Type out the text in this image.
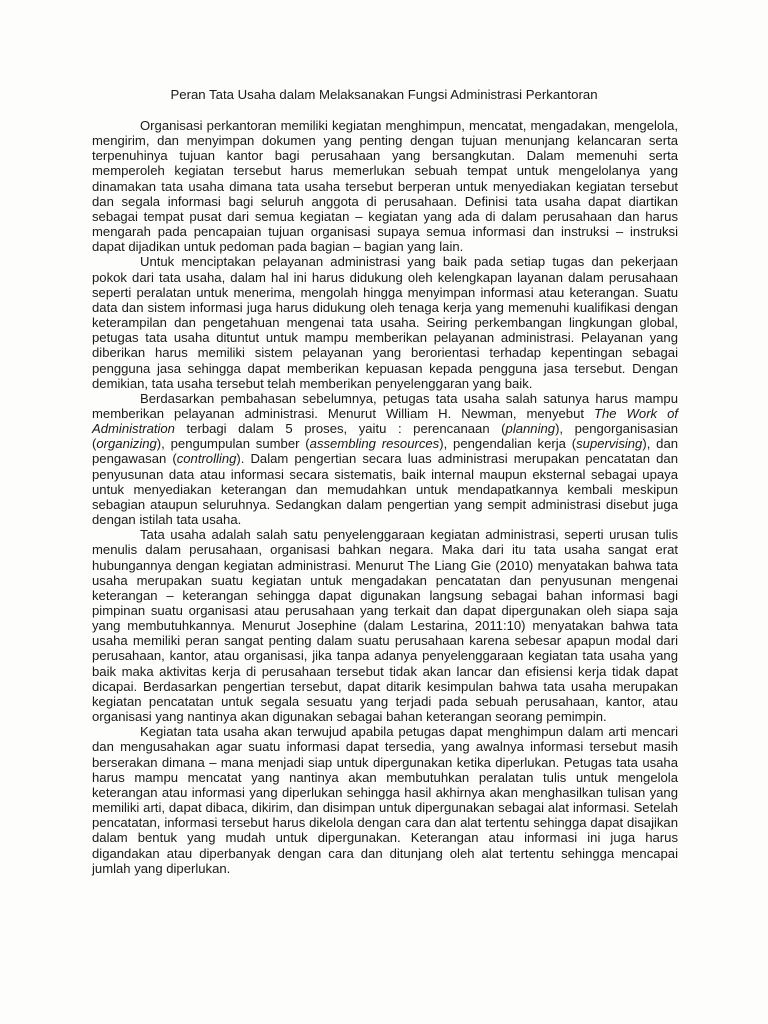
Peran Tata Usaha dalam Melaksanakan Fungsi Administrasi Perkantoran

Organisasi perkantoran memiliki kegiatan menghimpun, mencatat, mengadakan, mengelola, mengirim, dan menyimpan dokumen yang penting dengan tujuan menunjang kelancaran serta terpenuhinya tujuan kantor bagi perusahaan yang bersangkutan. Dalam memenuhi serta memperoleh kegiatan tersebut harus memerlukan sebuah tempat untuk mengelolanya yang dinamakan tata usaha dimana tata usaha tersebut berperan untuk menyediakan kegiatan tersebut dan segala informasi bagi seluruh anggota di perusahaan. Definisi tata usaha dapat diartikan sebagai tempat pusat dari semua kegiatan – kegiatan yang ada di dalam perusahaan dan harus mengarah pada pencapaian tujuan organisasi supaya semua informasi dan instruksi – instruksi dapat dijadikan untuk pedoman pada bagian – bagian yang lain.

Untuk menciptakan pelayanan administrasi yang baik pada setiap tugas dan pekerjaan pokok dari tata usaha, dalam hal ini harus didukung oleh kelengkapan layanan dalam perusahaan seperti peralatan untuk menerima, mengolah hingga menyimpan informasi atau keterangan. Suatu data dan sistem informasi juga harus didukung oleh tenaga kerja yang memenuhi kualifikasi dengan keterampilan dan pengetahuan mengenai tata usaha. Seiring perkembangan lingkungan global, petugas tata usaha dituntut untuk mampu memberikan pelayanan administrasi. Pelayanan yang diberikan harus memiliki sistem pelayanan yang berorientasi terhadap kepentingan sebagai pengguna jasa sehingga dapat memberikan kepuasan kepada pengguna jasa tersebut. Dengan demikian, tata usaha tersebut telah memberikan penyelenggaran yang baik.

Berdasarkan pembahasan sebelumnya, petugas tata usaha salah satunya harus mampu memberikan pelayanan administrasi. Menurut William H. Newman, menyebut The Work of Administration terbagi dalam 5 proses, yaitu : perencanaan (planning), pengorganisasian (organizing), pengumpulan sumber (assembling resources), pengendalian kerja (supervising), dan pengawasan (controlling). Dalam pengertian secara luas administrasi merupakan pencatatan dan penyusunan data atau informasi secara sistematis, baik internal maupun eksternal sebagai upaya untuk menyediakan keterangan dan memudahkan untuk mendapatkannya kembali meskipun sebagian ataupun seluruhnya. Sedangkan dalam pengertian yang sempit administrasi disebut juga dengan istilah tata usaha.

Tata usaha adalah salah satu penyelenggaraan kegiatan administrasi, seperti urusan tulis menulis dalam perusahaan, organisasi bahkan negara. Maka dari itu tata usaha sangat erat hubungannya dengan kegiatan administrasi. Menurut The Liang Gie (2010) menyatakan bahwa tata usaha merupakan suatu kegiatan untuk mengadakan pencatatan dan penyusunan mengenai keterangan – keterangan sehingga dapat digunakan langsung sebagai bahan informasi bagi pimpinan suatu organisasi atau perusahaan yang terkait dan dapat dipergunakan oleh siapa saja yang membutuhkannya. Menurut Josephine (dalam Lestarina, 2011:10) menyatakan bahwa tata usaha memiliki peran sangat penting dalam suatu perusahaan karena sebesar apapun modal dari perusahaan, kantor, atau organisasi, jika tanpa adanya penyelenggaraan kegiatan tata usaha yang baik maka aktivitas kerja di perusahaan tersebut tidak akan lancar dan efisiensi kerja tidak dapat dicapai. Berdasarkan pengertian tersebut, dapat ditarik kesimpulan bahwa tata usaha merupakan kegiatan pencatatan untuk segala sesuatu yang terjadi pada sebuah perusahaan, kantor, atau organisasi yang nantinya akan digunakan sebagai bahan keterangan seorang pemimpin.

Kegiatan tata usaha akan terwujud apabila petugas dapat menghimpun dalam arti mencari dan mengusahakan agar suatu informasi dapat tersedia, yang awalnya informasi tersebut masih berserakan dimana – mana menjadi siap untuk dipergunakan ketika diperlukan. Petugas tata usaha harus mampu mencatat yang nantinya akan membutuhkan peralatan tulis untuk mengelola keterangan atau informasi yang diperlukan sehingga hasil akhirnya akan menghasilkan tulisan yang memiliki arti, dapat dibaca, dikirim, dan disimpan untuk dipergunakan sebagai alat informasi. Setelah pencatatan, informasi tersebut harus dikelola dengan cara dan alat tertentu sehingga dapat disajikan dalam bentuk yang mudah untuk dipergunakan. Keterangan atau informasi ini juga harus digandakan atau diperbanyak dengan cara dan ditunjang oleh alat tertentu sehingga mencapai jumlah yang diperlukan.
